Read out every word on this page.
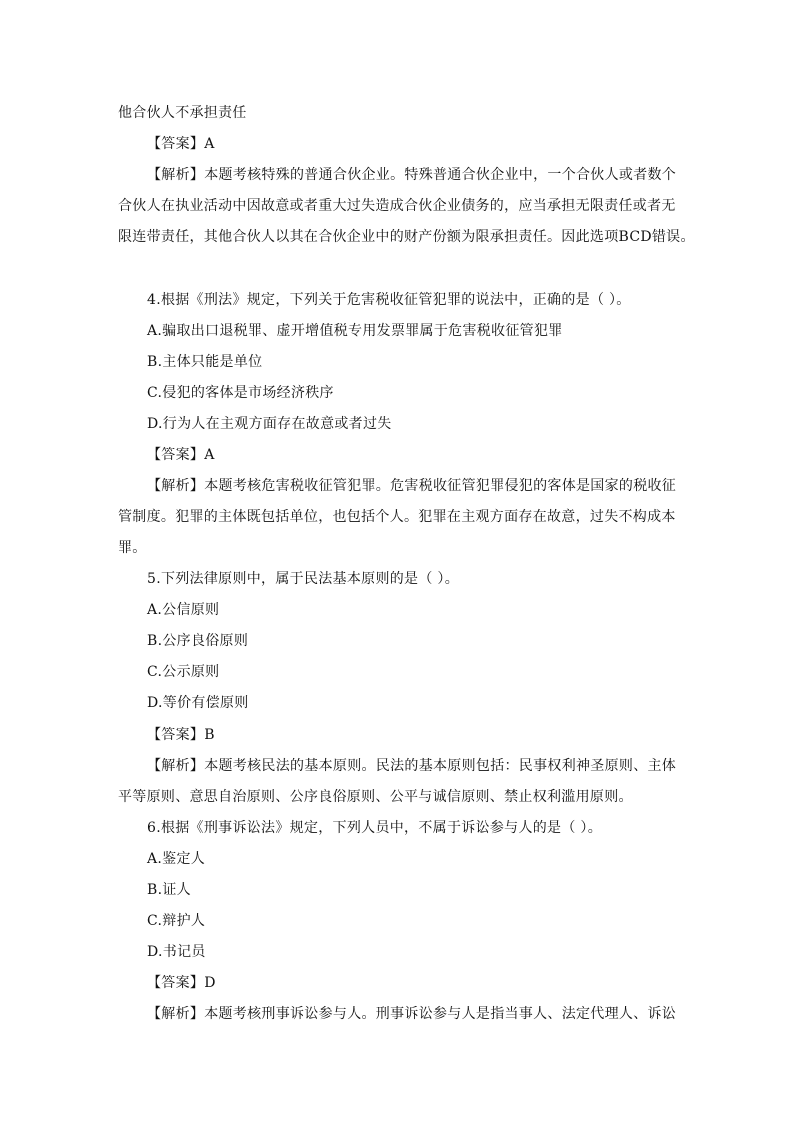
他合伙人不承担责任
【答案】A
【解析】本题考核特殊的普通合伙企业。特殊普通合伙企业中，一个合伙人或者数个
合伙人在执业活动中因故意或者重大过失造成合伙企业债务的，应当承担无限责任或者无
限连带责任，其他合伙人以其在合伙企业中的财产份额为限承担责任。因此选项BCD错误。
4.根据《刑法》规定，下列关于危害税收征管犯罪的说法中，正确的是（ ）。
A.骗取出口退税罪、虚开增值税专用发票罪属于危害税收征管犯罪
B.主体只能是单位
C.侵犯的客体是市场经济秩序
D.行为人在主观方面存在故意或者过失
【答案】A
【解析】本题考核危害税收征管犯罪。危害税收征管犯罪侵犯的客体是国家的税收征
管制度。犯罪的主体既包括单位，也包括个人。犯罪在主观方面存在故意，过失不构成本
罪。
5.下列法律原则中，属于民法基本原则的是（ ）。
A.公信原则
B.公序良俗原则
C.公示原则
D.等价有偿原则
【答案】B
【解析】本题考核民法的基本原则。民法的基本原则包括：民事权利神圣原则、主体
平等原则、意思自治原则、公序良俗原则、公平与诚信原则、禁止权利滥用原则。
6.根据《刑事诉讼法》规定，下列人员中，不属于诉讼参与人的是（ ）。
A.鉴定人
B.证人
C.辩护人
D.书记员
【答案】D
【解析】本题考核刑事诉讼参与人。刑事诉讼参与人是指当事人、法定代理人、诉讼
